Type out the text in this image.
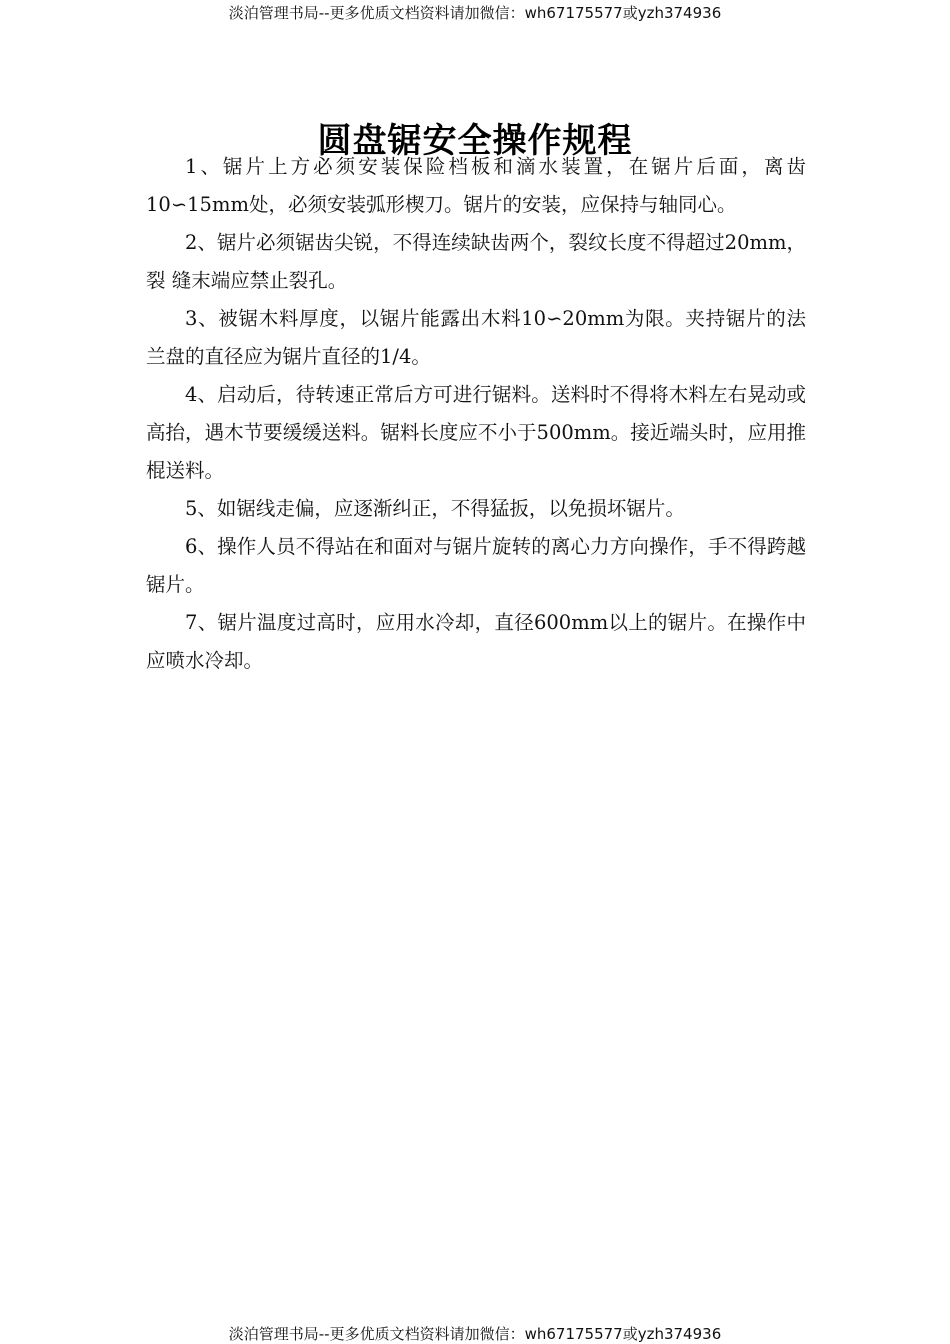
淡泊管理书局--更多优质文档资料请加微信：wh67175577或yzh374936
圆盘锯安全操作规程

1、锯片上方必须安装保险档板和滴水装置，在锯片后面，离齿10∽15mm处，必须安装弧形楔刀。锯片的安装，应保持与轴同心。

2、锯片必须锯齿尖锐，不得连续缺齿两个，裂纹长度不得超过20mm，裂 缝末端应禁止裂孔。

3、被锯木料厚度，以锯片能露出木料10∽20mm为限。夹持锯片的法兰盘的直径应为锯片直径的1/4。

4、启动后，待转速正常后方可进行锯料。送料时不得将木料左右晃动或高抬，遇木节要缓缓送料。锯料长度应不小于500mm。接近端头时，应用推棍送料。

5、如锯线走偏，应逐渐纠正，不得猛扳，以免损坏锯片。

6、操作人员不得站在和面对与锯片旋转的离心力方向操作，手不得跨越锯片。

7、锯片温度过高时，应用水冷却，直径600mm以上的锯片。在操作中应喷水冷却。

淡泊管理书局--更多优质文档资料请加微信：wh67175577或yzh374936
